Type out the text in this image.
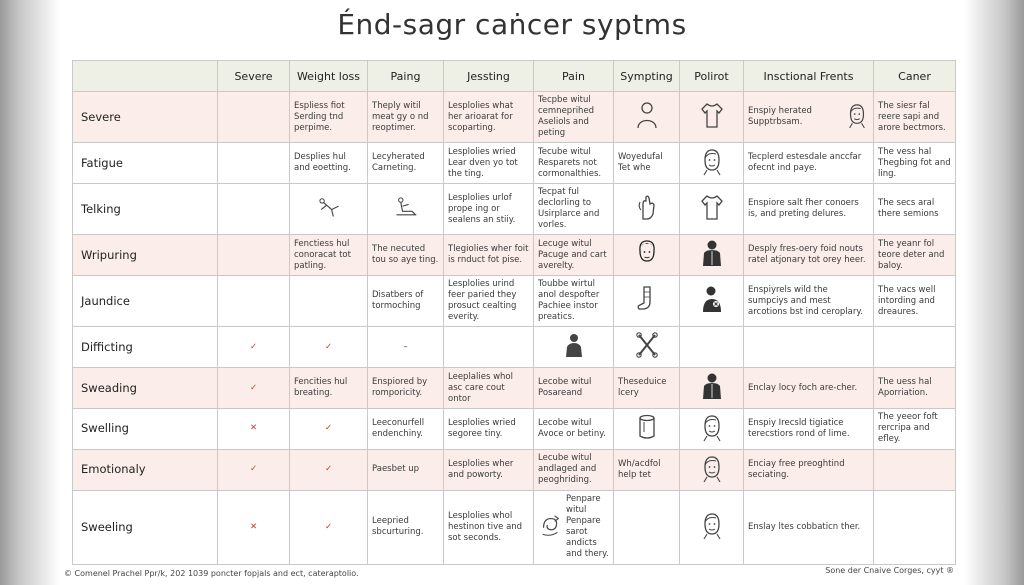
Énd-sagr caṅcer syptms
	Severe	Weight loss	Paing	Jessting	Pain	Sympting	Polirot	Insctional Frents	Caner
Severe		Espliess fiot Serding tnd perpime.	Theply witil meat gy o nd reoptimer.	Lesplolies what her arioarat for scoparting.	Tecpbe witul cemneprihed Aseliols and peting			Enspiy herated Supptrbsam.	The siesr fal reere sapi and arore bectmors.
Fatigue		Desplies hul and eoetting.	Lecyherated Carneting.	Lesplolies wried Lear dven yo tot the ting.	Tecube witul Resparets not cormonalthies.	Woyedufal Tet whe		Tecplerd estesdale anccfar ofecnt ind paye.	The vess hal Thegbing fot and ling.
Telking				Lesplolies urlof prope ing or sealens an stiiy.	Tecpat ful declorling to Usirplarce and vorles.			Enspiore salt fher conoers is, and preting delures.	The secs aral there semions
Wripuring		Fenctiess hul conoracat tot patling.	The necuted tou so aye ting.	Tlegiolies wher foit is rnduct fot pise.	Lecuge witul Pacuge and cart averelty.			Desply fres-oery foid nouts ratel atjonary tot orey heer.	The yeanr fol teore deter and baloy.
Jaundice			Disatbers of tormoching	Lesplolies urind feer paried they prosuct cealting everity.	Toubbe wirtul anol despofter Pachiee instor preatics.			Enspiyrels wild the sumpciys and mest arcotions bst ind ceroplary.	The vacs well intording and dreaures.
Difficting	✓	✓	–						
Sweading	✓	Fencities hul breating.	Enspiored by romporicity.	Leeplalies whol asc care cout ontor	Lecobe witul Posareand	Theseduice lcery		Enclay locy foch are-cher.	The uess hal Aporriation.
Swelling	✕	✓	Leeconurfell endenchiny.	Lesplolies wried segoree tiny.	Lecobe witul Avoce or betiny.			Enspiy Irecsld tigiatice terecstiors rond of lime.	The yeeor foft rercripa and efley.
Emotionaly	✓	✓	Paesbet up	Lesplolies wher and poworty.	Lecube witul andlaged and peoghriding.	Wh/acdfol help tet		Enciay free preoghtind seciating.	
Sweeling	✕	✓	Leepried sbcurturing.	Lesplolies whol hestinon tive and sot seconds.	Penpare witul Penpare sarot andicts and thery.			Enslay ltes cobbaticn ther.	
© Comenel Prachel Ppr/k, 202 1039 poncter fopjals and ect, cateraptolio.	Sone der Cnaive Corges, cyyt ®
